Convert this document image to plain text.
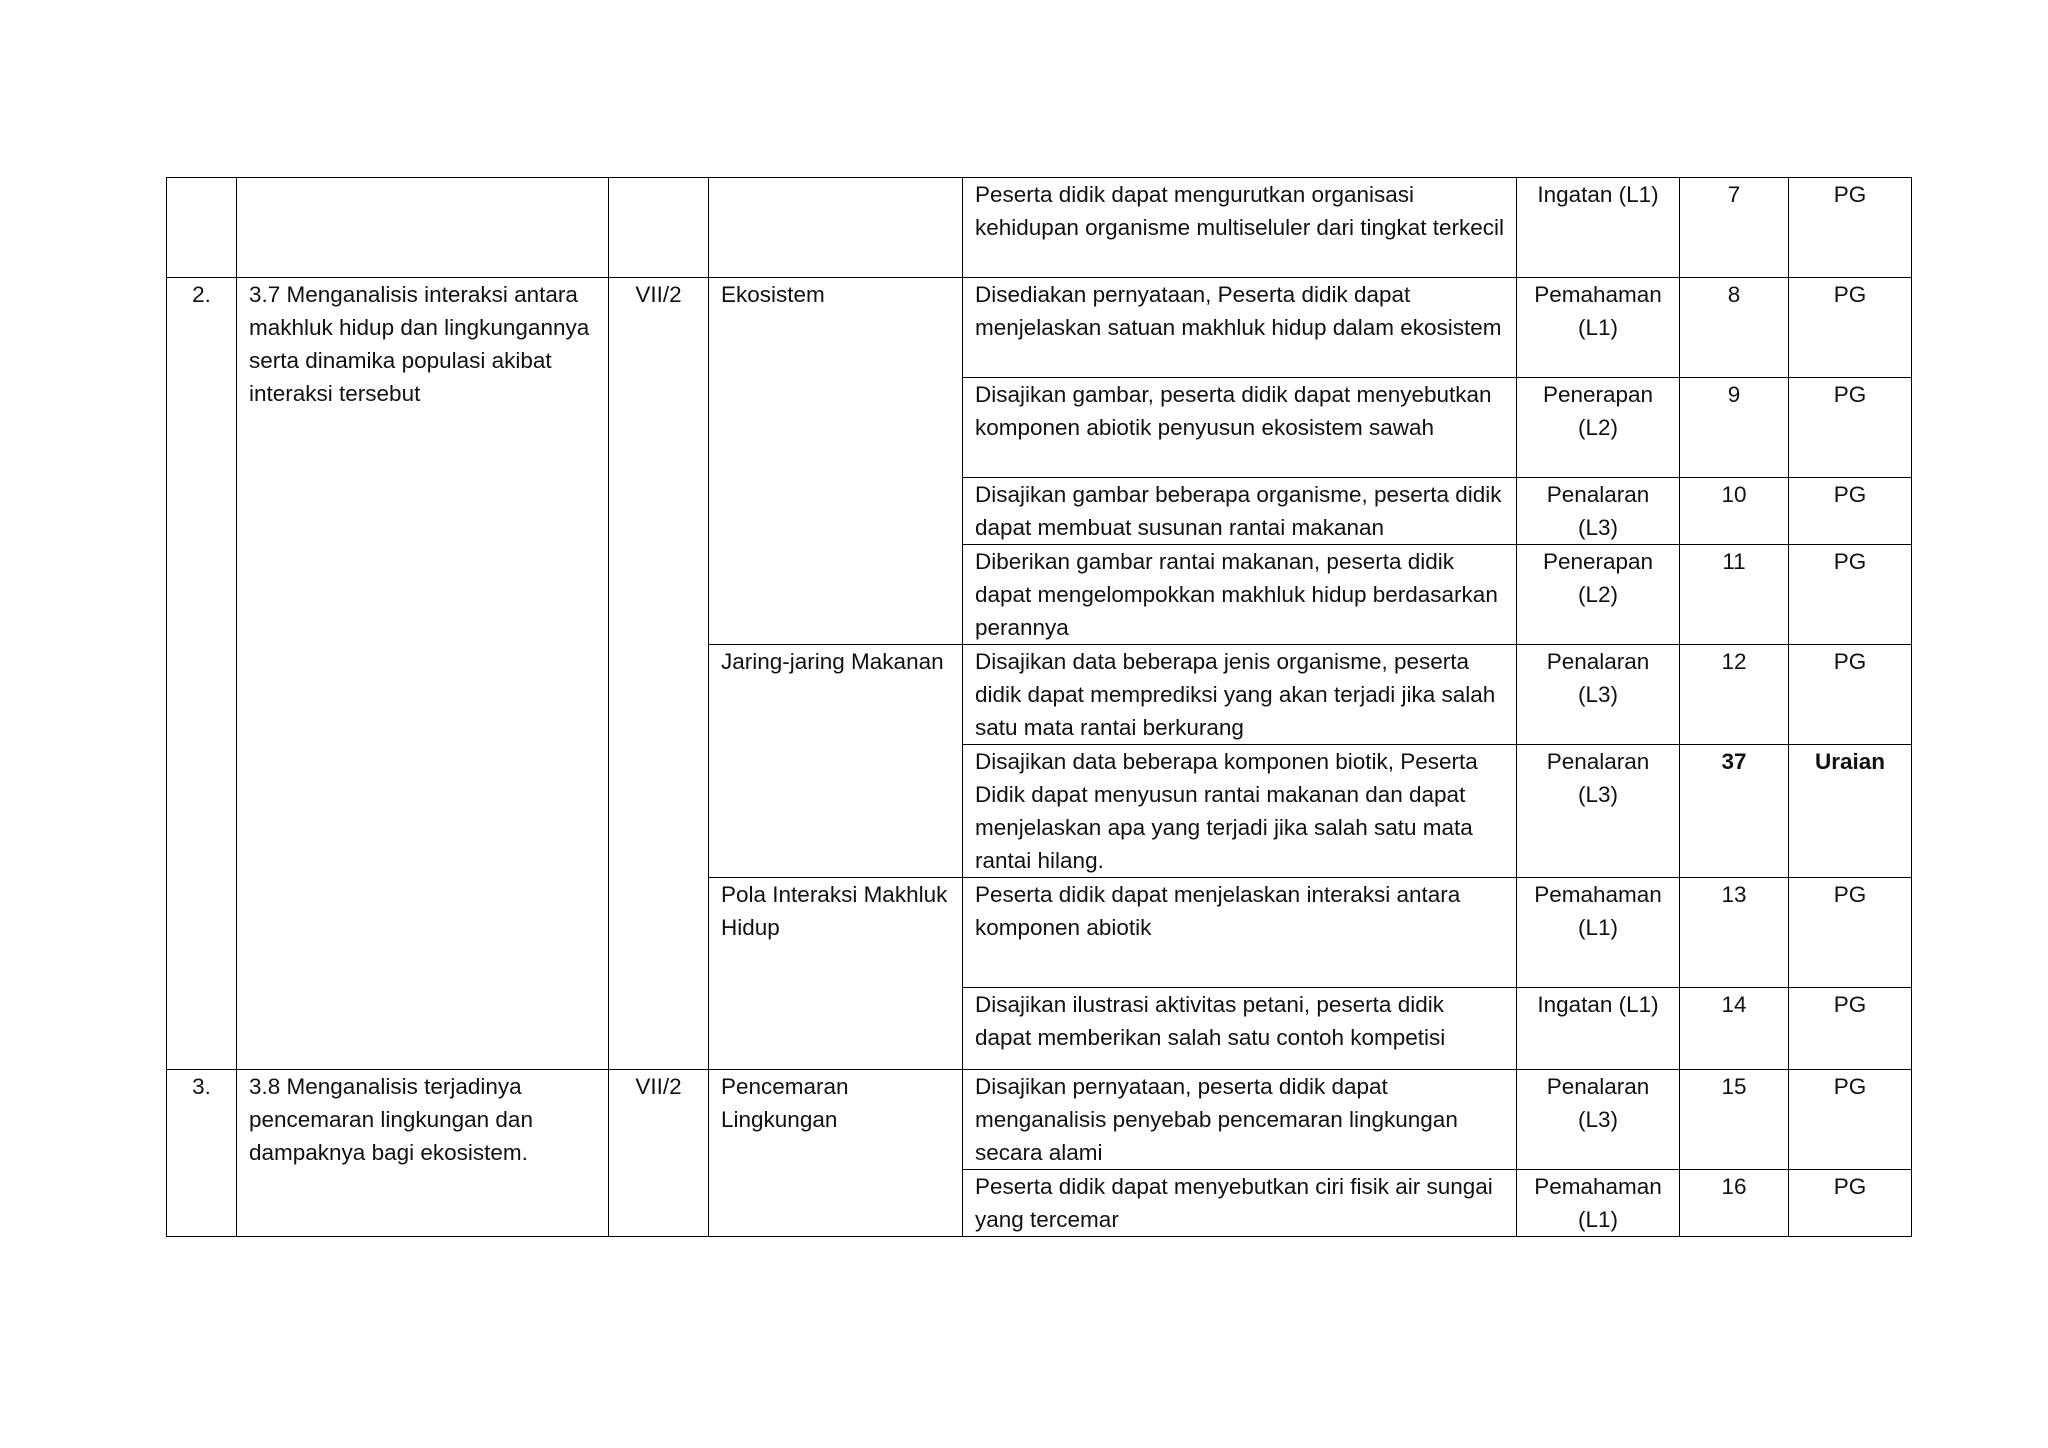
				Peserta didik dapat mengurutkan organisasi kehidupan organisme multiseluler dari tingkat terkecil	Ingatan (L1)	7	PG
2.	3.7 Menganalisis interaksi antara makhluk hidup dan lingkungannya serta dinamika populasi akibat interaksi tersebut	VII/2	Ekosistem	Disediakan pernyataan, Peserta didik dapat menjelaskan satuan makhluk hidup dalam ekosistem	Pemahaman (L1)	8	PG
				Disajikan gambar, peserta didik dapat menyebutkan komponen abiotik penyusun ekosistem sawah	Penerapan (L2)	9	PG
				Disajikan gambar beberapa organisme, peserta didik dapat membuat susunan rantai makanan	Penalaran (L3)	10	PG
				Diberikan gambar rantai makanan, peserta didik dapat mengelompokkan makhluk hidup berdasarkan perannya	Penerapan (L2)	11	PG
			Jaring-jaring Makanan	Disajikan data beberapa jenis organisme, peserta didik dapat memprediksi yang akan terjadi jika salah satu mata rantai berkurang	Penalaran (L3)	12	PG
				Disajikan data beberapa komponen biotik, Peserta Didik dapat menyusun rantai makanan dan dapat menjelaskan apa yang terjadi jika salah satu mata rantai hilang.	Penalaran (L3)	37	Uraian
			Pola Interaksi Makhluk Hidup	Peserta didik dapat menjelaskan interaksi antara komponen abiotik	Pemahaman (L1)	13	PG
				Disajikan ilustrasi aktivitas petani, peserta didik dapat memberikan salah satu contoh kompetisi	Ingatan (L1)	14	PG
3.	3.8 Menganalisis terjadinya pencemaran lingkungan dan dampaknya bagi ekosistem.	VII/2	Pencemaran Lingkungan	Disajikan pernyataan, peserta didik dapat menganalisis penyebab pencemaran lingkungan secara alami	Penalaran (L3)	15	PG
				Peserta didik dapat menyebutkan ciri fisik air sungai yang tercemar	Pemahaman (L1)	16	PG
